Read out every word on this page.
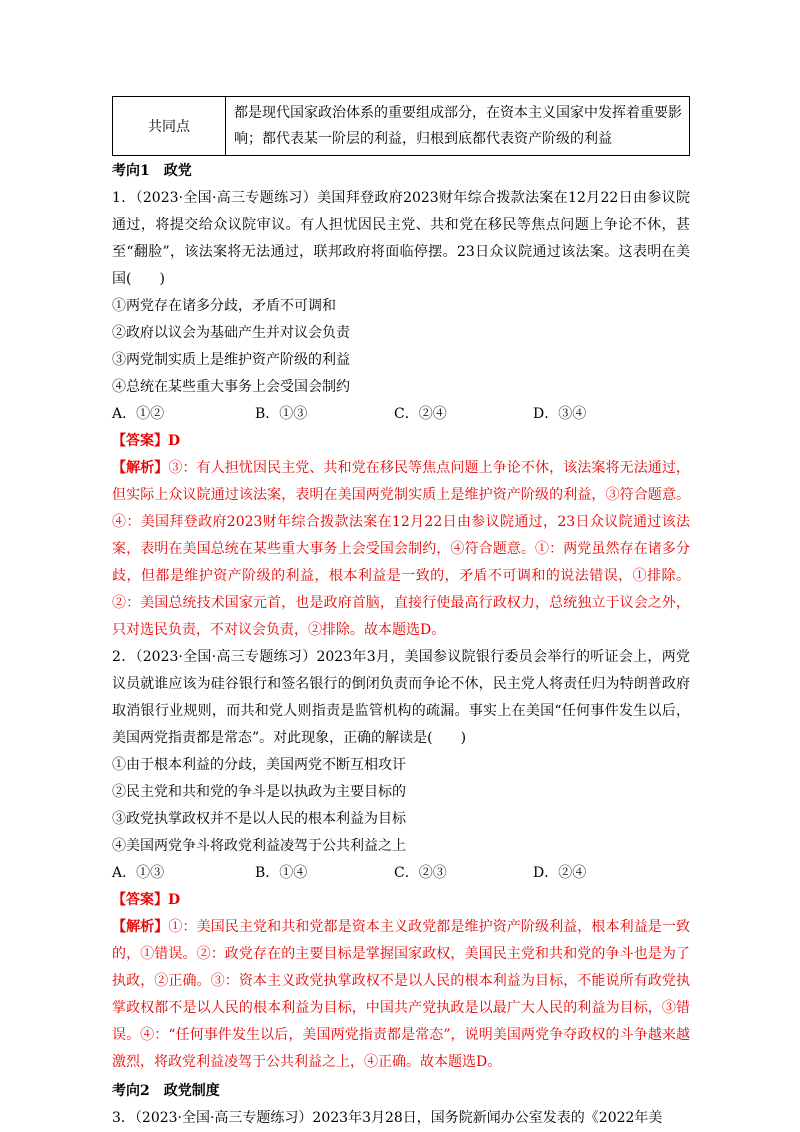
共同点	都是现代国家政治体系的重要组成部分，在资本主义国家中发挥着重要影响；都代表某一阶层的利益，归根到底都代表资产阶级的利益
考向1　政党
1．（2023·全国·高三专题练习）美国拜登政府2023财年综合拨款法案在12月22日由参议院通过，将提交给众议院审议。有人担忧因民主党、共和党在移民等焦点问题上争论不休，甚至“翻脸”，该法案将无法通过，联邦政府将面临停摆。23日众议院通过该法案。这表明在美国(　　)
①两党存在诸多分歧，矛盾不可调和
②政府以议会为基础产生并对议会负责
③两党制实质上是维护资产阶级的利益
④总统在某些重大事务上会受国会制约
A．①②	B．①③	C．②④	D．③④
【答案】D
【解析】③：有人担忧因民主党、共和党在移民等焦点问题上争论不休，该法案将无法通过，但实际上众议院通过该法案，表明在美国两党制实质上是维护资产阶级的利益，③符合题意。④：美国拜登政府2023财年综合拨款法案在12月22日由参议院通过，23日众议院通过该法案，表明在美国总统在某些重大事务上会受国会制约，④符合题意。①：两党虽然存在诸多分歧，但都是维护资产阶级的利益，根本利益是一致的，矛盾不可调和的说法错误，①排除。②：美国总统技术国家元首，也是政府首脑，直接行使最高行政权力，总统独立于议会之外，只对选民负责，不对议会负责，②排除。故本题选D。
2．（2023·全国·高三专题练习）2023年3月，美国参议院银行委员会举行的听证会上，两党议员就谁应该为硅谷银行和签名银行的倒闭负责而争论不休，民主党人将责任归为特朗普政府取消银行业规则，而共和党人则指责是监管机构的疏漏。事实上在美国“任何事件发生以后，美国两党指责都是常态”。对此现象，正确的解读是(　　)
①由于根本利益的分歧，美国两党不断互相攻讦
②民主党和共和党的争斗是以执政为主要目标的
③政党执掌政权并不是以人民的根本利益为目标
④美国两党争斗将政党利益凌驾于公共利益之上
A．①③	B．①④	C．②③	D．②④
【答案】D
【解析】①：美国民主党和共和党都是资本主义政党都是维护资产阶级利益，根本利益是一致的，①错误。②：政党存在的主要目标是掌握国家政权，美国民主党和共和党的争斗也是为了执政，②正确。③：资本主义政党执掌政权不是以人民的根本利益为目标，不能说所有政党执掌政权都不是以人民的根本利益为目标，中国共产党执政是以最广大人民的利益为目标，③错误。④：“任何事件发生以后，美国两党指责都是常态”，说明美国两党争夺政权的斗争越来越激烈，将政党利益凌驾于公共利益之上，④正确。故本题选D。
考向2　政党制度
3．（2023·全国·高三专题练习）2023年3月28日，国务院新闻办公室发表的《2022年美
